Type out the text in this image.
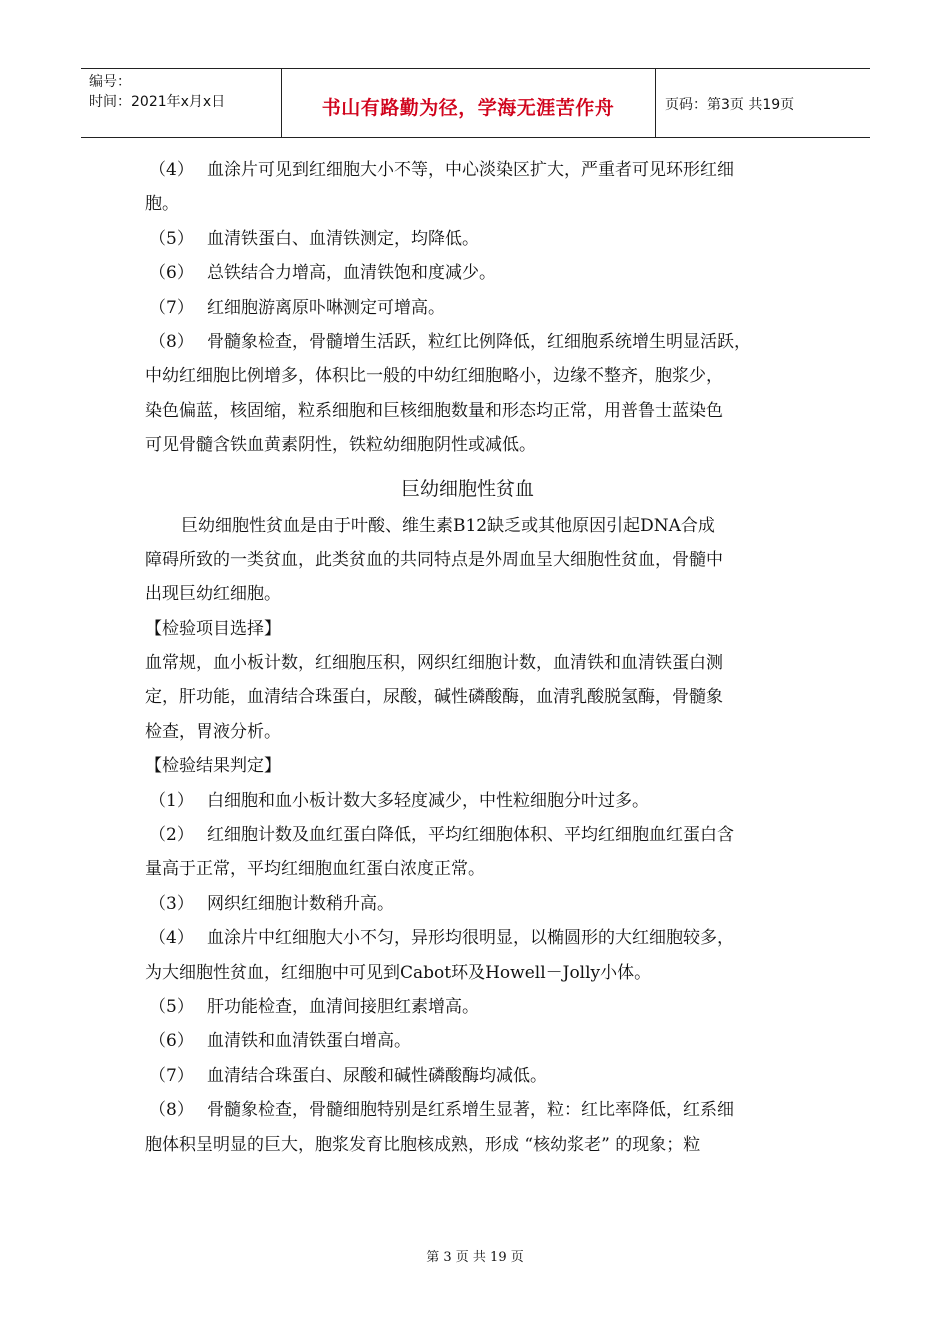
编号：
时间：2021年x月x日	书山有路勤为径，学海无涯苦作舟	页码：第3页 共19页
（4） 血涂片可见到红细胞大小不等，中心淡染区扩大，严重者可见环形红细
胞。
（5） 血清铁蛋白、血清铁测定，均降低。
（6） 总铁结合力增高，血清铁饱和度减少。
（7） 红细胞游离原卟啉测定可增高。
（8） 骨髓象检查，骨髓增生活跃，粒红比例降低，红细胞系统增生明显活跃，
中幼红细胞比例增多，体积比一般的中幼红细胞略小，边缘不整齐，胞浆少，
染色偏蓝，核固缩，粒系细胞和巨核细胞数量和形态均正常，用普鲁士蓝染色
可见骨髓含铁血黄素阴性，铁粒幼细胞阴性或减低。
巨幼细胞性贫血
巨幼细胞性贫血是由于叶酸、维生素B12缺乏或其他原因引起DNA合成
障碍所致的一类贫血，此类贫血的共同特点是外周血呈大细胞性贫血，骨髓中
出现巨幼红细胞。
【检验项目选择】
血常规，血小板计数，红细胞压积，网织红细胞计数，血清铁和血清铁蛋白测
定，肝功能，血清结合珠蛋白，尿酸，碱性磷酸酶，血清乳酸脱氢酶，骨髓象
检查，胃液分析。
【检验结果判定】
（1） 白细胞和血小板计数大多轻度减少，中性粒细胞分叶过多。
（2） 红细胞计数及血红蛋白降低，平均红细胞体积、平均红细胞血红蛋白含
量高于正常，平均红细胞血红蛋白浓度正常。
（3） 网织红细胞计数稍升高。
（4） 血涂片中红细胞大小不匀，异形均很明显，以椭圆形的大红细胞较多，
为大细胞性贫血，红细胞中可见到Cabot环及Howell－Jolly小体。
（5） 肝功能检查，血清间接胆红素增高。
（6） 血清铁和血清铁蛋白增高。
（7） 血清结合珠蛋白、尿酸和碱性磷酸酶均减低。
（8） 骨髓象检查，骨髓细胞特别是红系增生显著，粒：红比率降低，红系细
胞体积呈明显的巨大，胞浆发育比胞核成熟，形成 “核幼浆老” 的现象；粒
第 3 页 共 19 页
